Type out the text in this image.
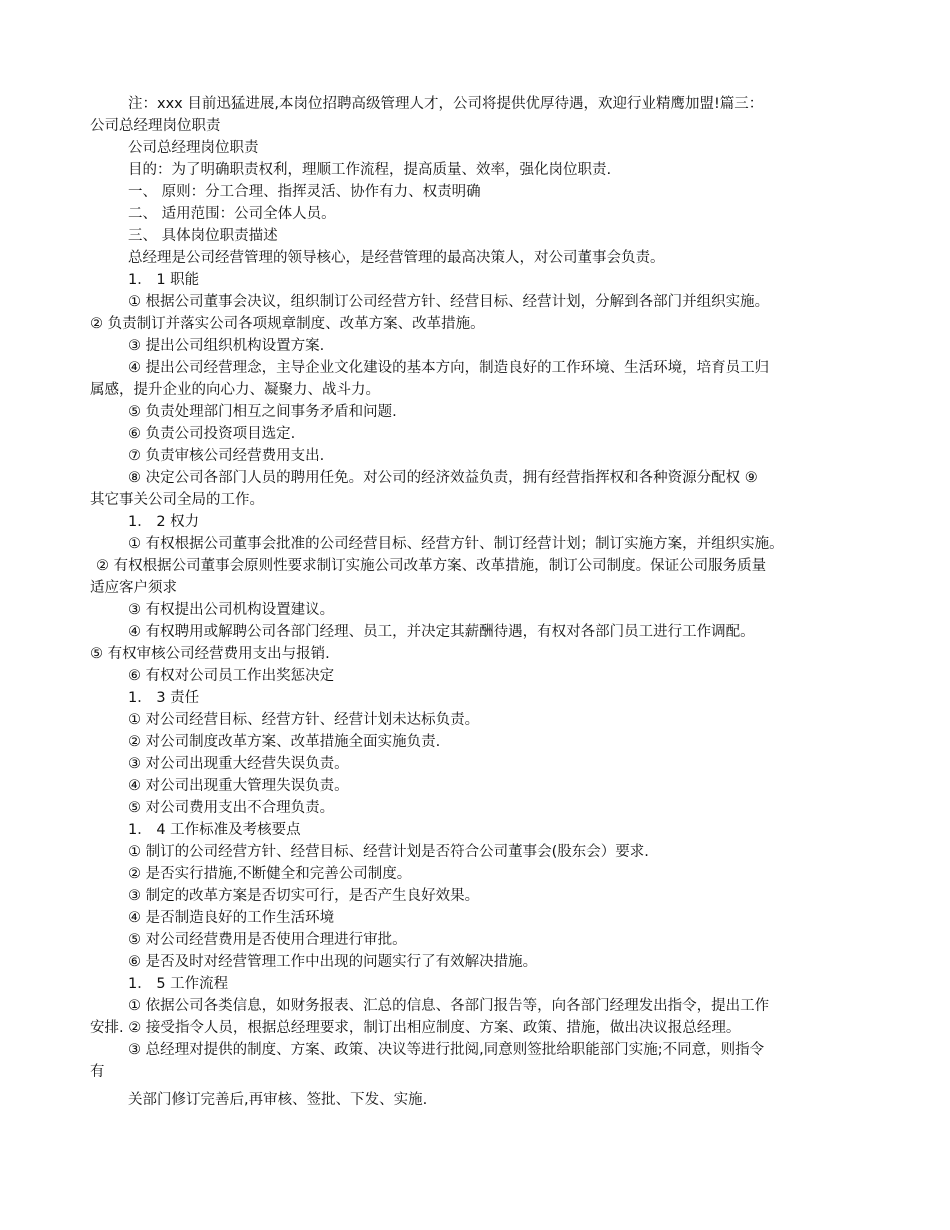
注：xxx 目前迅猛进展,本岗位招聘高级管理人才，公司将提供优厚待遇，欢迎行业精鹰加盟!篇三：
公司总经理岗位职责
公司总经理岗位职责
目的：为了明确职责权利，理顺工作流程，提高质量、效率，强化岗位职责.
一、 原则：分工合理、指挥灵活、协作有力、权责明确
二、 适用范围：公司全体人员。
三、 具体岗位职责描述
总经理是公司经营管理的领导核心，是经营管理的最高决策人，对公司董事会负责。
1． 1 职能
① 根据公司董事会决议，组织制订公司经营方针、经营目标、经营计划，分解到各部门并组织实施。
② 负责制订并落实公司各项规章制度、改革方案、改革措施。
③ 提出公司组织机构设置方案.
④ 提出公司经营理念，主导企业文化建设的基本方向，制造良好的工作环境、生活环境，培育员工归
属感，提升企业的向心力、凝聚力、战斗力。
⑤ 负责处理部门相互之间事务矛盾和问题.
⑥ 负责公司投资项目选定.
⑦ 负责审核公司经营费用支出.
⑧ 决定公司各部门人员的聘用任免。对公司的经济效益负责，拥有经营指挥权和各种资源分配权 ⑨
其它事关公司全局的工作。
1． 2 权力
① 有权根据公司董事会批准的公司经营目标、经营方针、制订经营计划；制订实施方案，并组织实施。
② 有权根据公司董事会原则性要求制订实施公司改革方案、改革措施，制订公司制度。保证公司服务质量
适应客户须求
③ 有权提出公司机构设置建议。
④ 有权聘用或解聘公司各部门经理、员工，并决定其薪酬待遇，有权对各部门员工进行工作调配。
⑤ 有权审核公司经营费用支出与报销.
⑥ 有权对公司员工作出奖惩决定
1． 3 责任
① 对公司经营目标、经营方针、经营计划未达标负责。
② 对公司制度改革方案、改革措施全面实施负责.
③ 对公司出现重大经营失误负责。
④ 对公司出现重大管理失误负责。
⑤ 对公司费用支出不合理负责。
1． 4 工作标准及考核要点
① 制订的公司经营方针、经营目标、经营计划是否符合公司董事会(股东会）要求.
② 是否实行措施,不断健全和完善公司制度。
③ 制定的改革方案是否切实可行，是否产生良好效果。
④ 是否制造良好的工作生活环境
⑤ 对公司经营费用是否使用合理进行审批。
⑥ 是否及时对经营管理工作中出现的问题实行了有效解决措施。
1． 5 工作流程
① 依据公司各类信息，如财务报表、汇总的信息、各部门报告等，向各部门经理发出指令，提出工作
安排. ② 接受指令人员，根据总经理要求，制订出相应制度、方案、政策、措施，做出决议报总经理。
③ 总经理对提供的制度、方案、政策、决议等进行批阅,同意则签批给职能部门实施;不同意，则指令
有
关部门修订完善后,再审核、签批、下发、实施.
